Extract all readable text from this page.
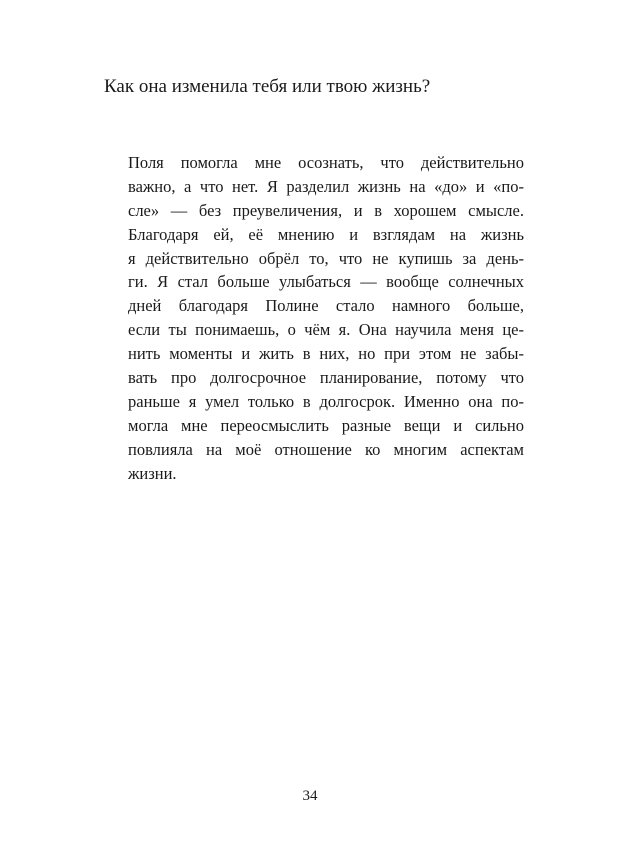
Как она изменила тебя или твою жизнь?
Поля помогла мне осознать, что действительно
важно, а что нет. Я разделил жизнь на «до» и «по-
сле» — без преувеличения, и в хорошем смысле.
Благодаря ей, её мнению и взглядам на жизнь
я действительно обрёл то, что не купишь за день-
ги. Я стал больше улыбаться — вообще солнечных
дней благодаря Полине стало намного больше,
если ты понимаешь, о чём я. Она научила меня це-
нить моменты и жить в них, но при этом не забы-
вать про долгосрочное планирование, потому что
раньше я умел только в долгосрок. Именно она по-
могла мне переосмыслить разные вещи и сильно
повлияла на моё отношение ко многим аспектам
жизни.
34
